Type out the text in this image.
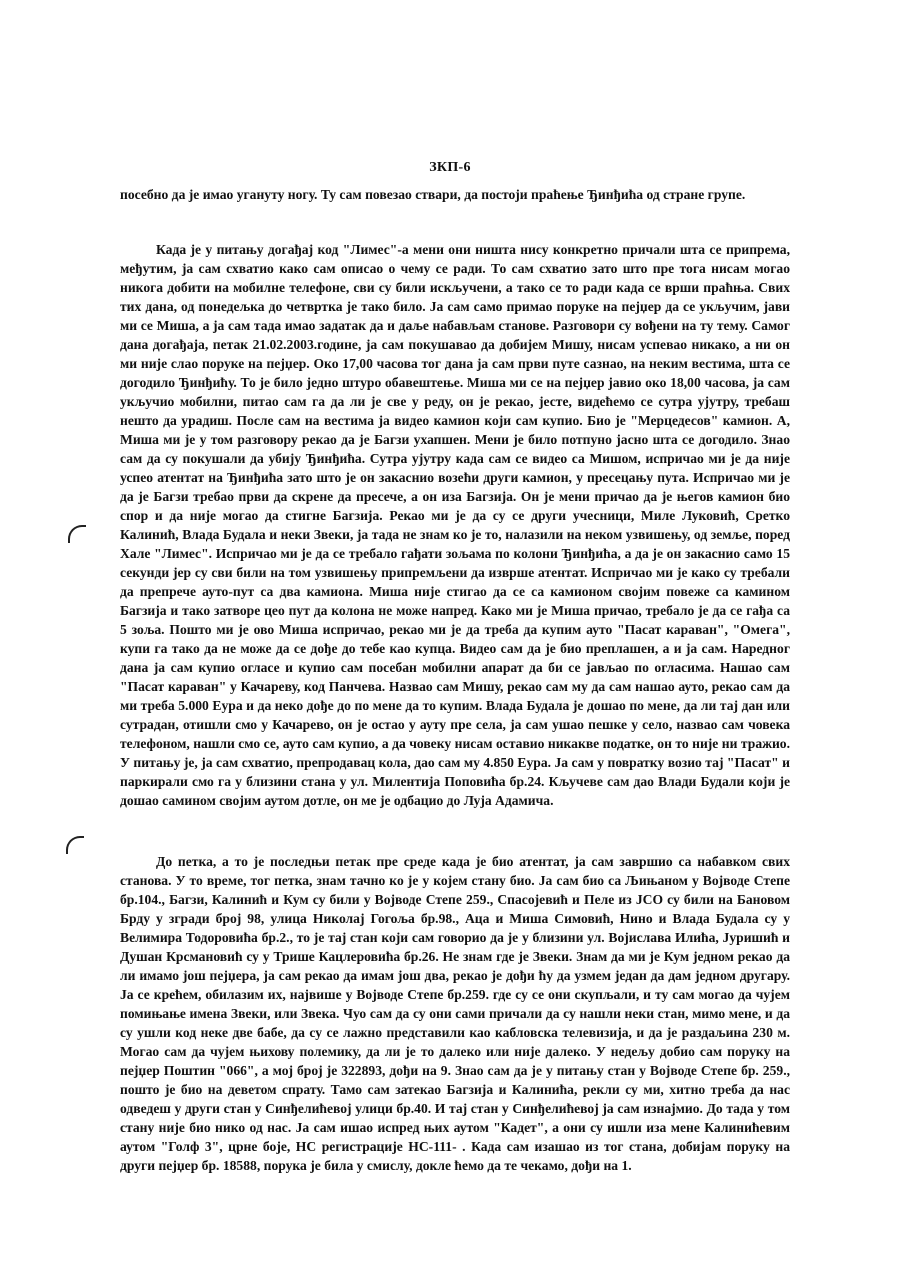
ЗКП-6

посебно да је имао угануту ногу. Ту сам повезао ствари, да постоји праћење Ђинђића од стране групе.

Када је у питању догађај код "Лимес"-а мени они ништа нису конкретно причали шта се припрема, међутим, ја сам схватио како сам описао о чему се ради. То сам схватио зато што пре тога нисам могао никога добити на мобилне телефоне, сви су били искључени, а тако се то ради када се врши праћња. Свих тих дана, од понедељка до четвртка је тако било. Ја сам само примао поруке на пејџер да се укључим, јави ми се Миша, а ја сам тада имао задатак да и даље набављам станове. Разговори су вођени на ту тему. Самог дана догађаја, петак 21.02.2003.године, ја сам покушавао да добијем Мишу, нисам успевао никако, а ни он ми није слао поруке на пејџер. Око 17,00 часова тог дана ја сам први путе сазнао, на неким вестима, шта се догодило Ђинђићу. То је било једно штуро обавештење. Миша ми се на пејџер јавио око 18,00 часова, ја сам укључио мобилни, питао сам га да ли је све у реду, он је рекао, јесте, видећемо се сутра ујутру, требаш нешто да урадиш. После сам на вестима ја видео камион који сам купио. Био је "Мерцедесов" камион. А, Миша ми је у том разговору рекао да је Багзи ухапшен. Мени је било потпуно јасно шта се догодило. Знао сам да су покушали да убију Ђинђића. Сутра ујутру када сам се видео са Мишом, испричао ми је да није успео атентат на Ђинђића зато што је он закаснио возећи други камион, у пресецању пута. Испричао ми је да је Багзи требао први да скрене да пресече, а он иза Багзија. Он је мени причао да је његов камион био спор и да није могао да стигне Багзија. Рекао ми је да су се други учесници, Миле Луковић, Сретко Калинић, Влада Будала и неки Звеки, ја тада не знам ко је то, налазили на неком узвишењу, од земље, поред Хале "Лимес". Испричао ми је да се требало гађати зољама по колони Ђинђића, а да је он закаснио само 15 секунди јер су сви били на том узвишењу припремљени да изврше атентат. Испричао ми је како су требали да препрече ауто-пут са два камиона. Миша није стигао да се са камионом својим повеже са камином Багзија и тако затворе цео пут да колона не може напред. Како ми је Миша причао, требало је да се гађа са 5 зоља. Пошто ми је ово Миша испричао, рекао ми је да треба да купим ауто "Пасат караван", "Омега", купи га тако да не може да се дође до тебе као купца. Видео сам да је био преплашен, а и ја сам. Наредног дана ја сам купио огласе и купио сам посебан мобилни апарат да би се јављао по огласима. Нашао сам "Пасат караван" у Качареву, код Панчева. Назвао сам Мишу, рекао сам му да сам нашао ауто, рекао сам да ми треба 5.000 Еура и да неко дође до по мене да то купим. Влада Будала је дошао по мене, да ли тај дан или сутрадан, отишли смо у Качарево, он је остао у ауту пре села, ја сам ушао пешке у село, назвао сам човека телефоном, нашли смо се, ауто сам купио, а да човеку нисам оставио никакве податке, он то није ни тражио. У питању је, ја сам схватио, препродавац кола, дао сам му 4.850 Еура. Ја сам у повратку возио тај "Пасат" и паркирали смо га у близини стана у ул. Милентија Поповића бр.24. Кључеве сам дао Влади Будали који је дошао самином својим аутом дотле, он ме је одбацио до Луја Адамича.

До петка, а то је последњи петак пре среде када је био атентат, ја сам завршио са набавком свих станова. У то време, тог петка, знам тачно ко је у којем стану био. Ја сам био са Љињаном у Војводе Степе бр.104., Багзи, Калинић и Кум су били у Војводе Степе 259., Спасојевић и Пеле из ЈСО су били на Бановом Брду у згради број 98, улица Николај Гогоља бр.98., Аца и Миша Симовић, Нино и Влада Будала су у Велимира Тодоровића бр.2., то је тај стан који сам говорио да је у близини ул. Војислава Илића, Јуришић и Душан Крсмановић су у Трише Кацлеровића бр.26. Не знам где је Звеки. Знам да ми је Кум једном рекао да ли имамо још пејџера, ја сам рекао да имам још два, рекао је дођи ћу да узмем један да дам једном другару. Ја се крећем, обилазим их, највише у Војводе Степе бр.259. где су се они скупљали, и ту сам могао да чујем помињање имена Звеки, или Звека. Чуо сам да су они сами причали да су нашли неки стан, мимо мене, и да су ушли код неке две бабе, да су се лажно представили као кабловска телевизија, и да је раздаљина 230 м. Могао сам да чујем њихову полемику, да ли је то далеко или није далеко. У недељу добио сам поруку на пејџер Поштин "066", а мој број је 322893, дођи на 9. Знао сам да је у питању стан у Војводе Степе бр. 259., пошто је био на деветом спрату. Тамо сам затекао Багзија и Калинића, рекли су ми, хитно треба да нас одведеш у други стан у Синђелићевој улици бр.40. И тај стан у Синђелићевој ја сам изнајмио. До тада у том стану није био нико од нас. Ја сам ишао испред њих аутом "Кадет", а они су ишли иза мене Калинићевим аутом "Голф 3", црне боје, НС регистрације НС-111- . Када сам изашао из тог стана, добијам поруку на други пејџер бр. 18588, порука је била у смислу, докле ћемо да те чекамо, дођи на 1.
